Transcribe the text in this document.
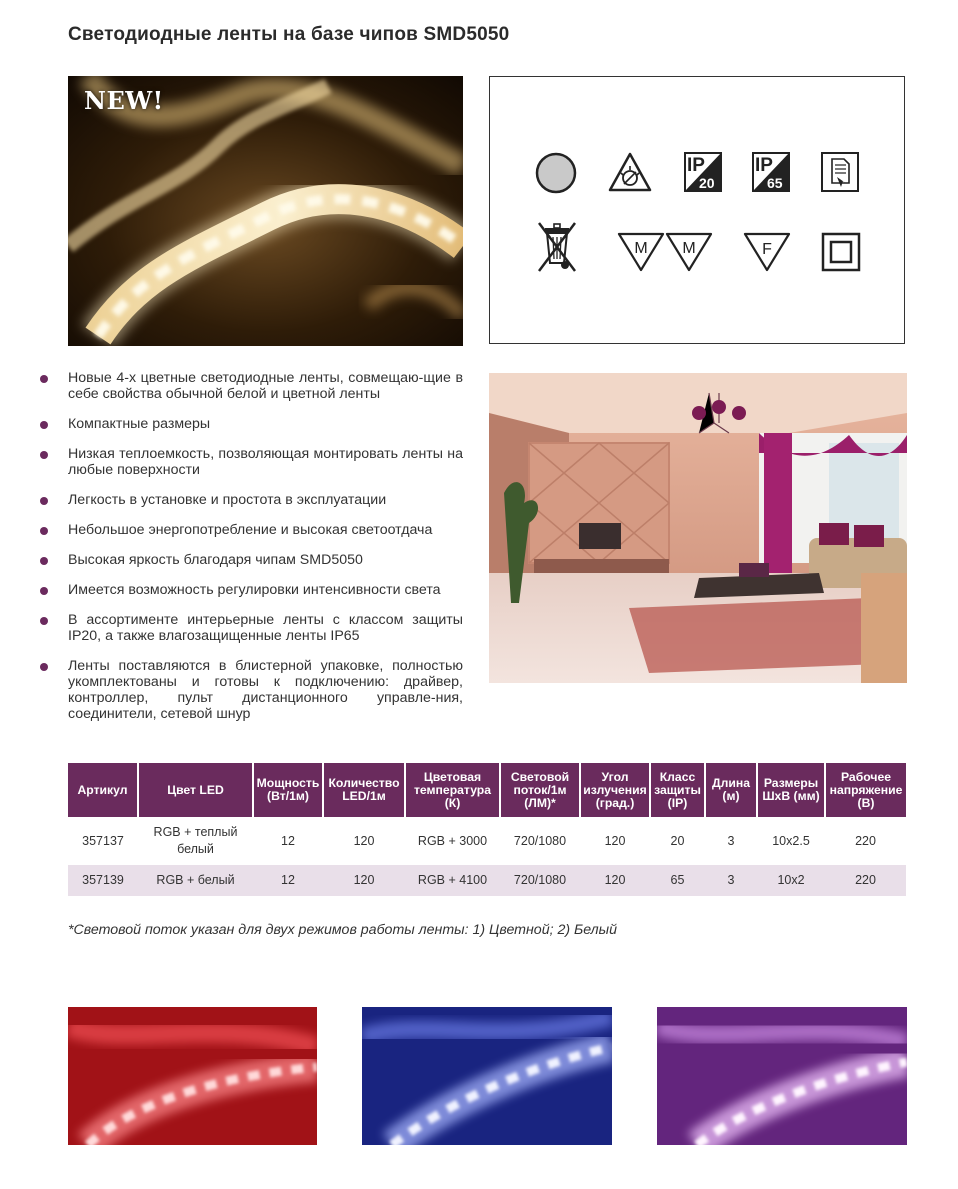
Светодиодные ленты на базе чипов SMD5050
NEW!
IP
20
IP
65
M M	F
Новые 4-х цветные светодиодные ленты, совмещаю-щие в себе свойства обычной белой и цветной ленты
Компактные размеры
Низкая теплоемкость, позволяющая монтировать ленты на любые поверхности
Легкость в установке и простота в эксплуатации
Небольшое энергопотребление и высокая светоотдача
Высокая яркость благодаря чипам SMD5050
Имеется возможность регулировки интенсивности света
В ассортименте интерьерные ленты с классом защиты IP20, а также влагозащищенные ленты IP65
Ленты поставляются в блистерной упаковке, полностью укомплектованы и готовы к подключению: драйвер, контроллер, пульт дистанционного управле-ния, соединители, сетевой шнур
Артикул	Цвет LED	Мощность (Вт/1м)	Количество LED/1м	Цветовая температура (К)	Световой поток/1м (ЛМ)*	Угол излучения (град.)	Класс защиты (IP)	Длина (м)	Размеры ШxВ (мм)	Рабочее напряжение (В)
357137	RGB + теплый белый	12	120	RGB + 3000	720/1080	120	20	3	10x2.5	220
357139	RGB + белый	12	120	RGB + 4100	720/1080	120	65	3	10x2	220
*Световой поток указан для двух режимов работы ленты: 1) Цветной; 2) Белый
